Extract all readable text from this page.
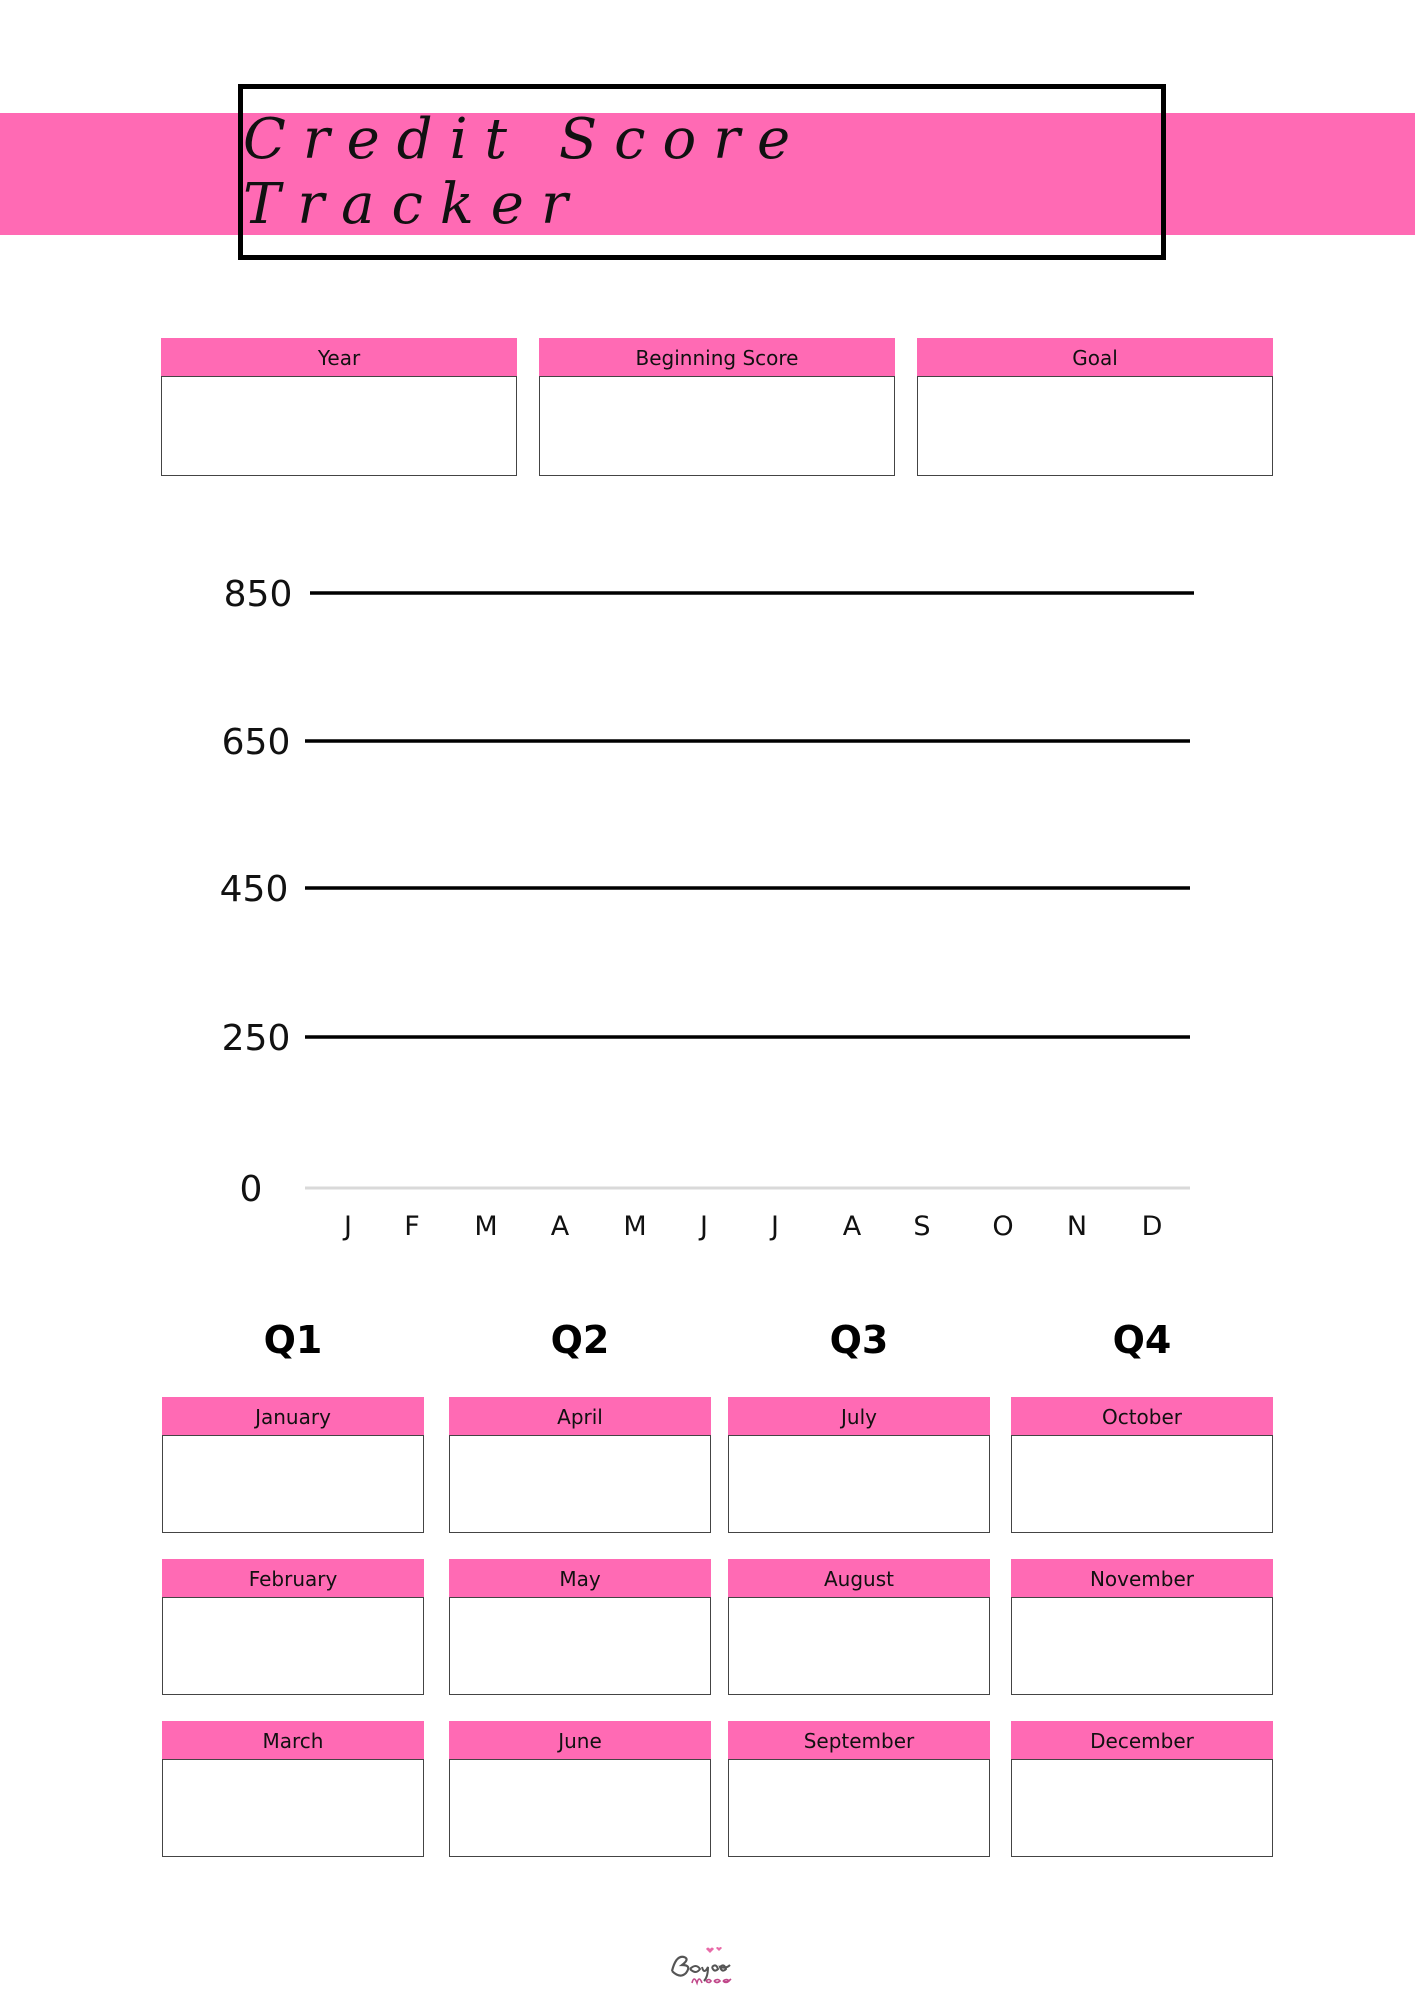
Credit Score Tracker
Year	Beginning Score	Goal
850
650
450
250
0
J F M A M J J A S O N D
Q1	Q2	Q3	Q4
January
February
March
April
May
June
July
August
September
October
November
December
